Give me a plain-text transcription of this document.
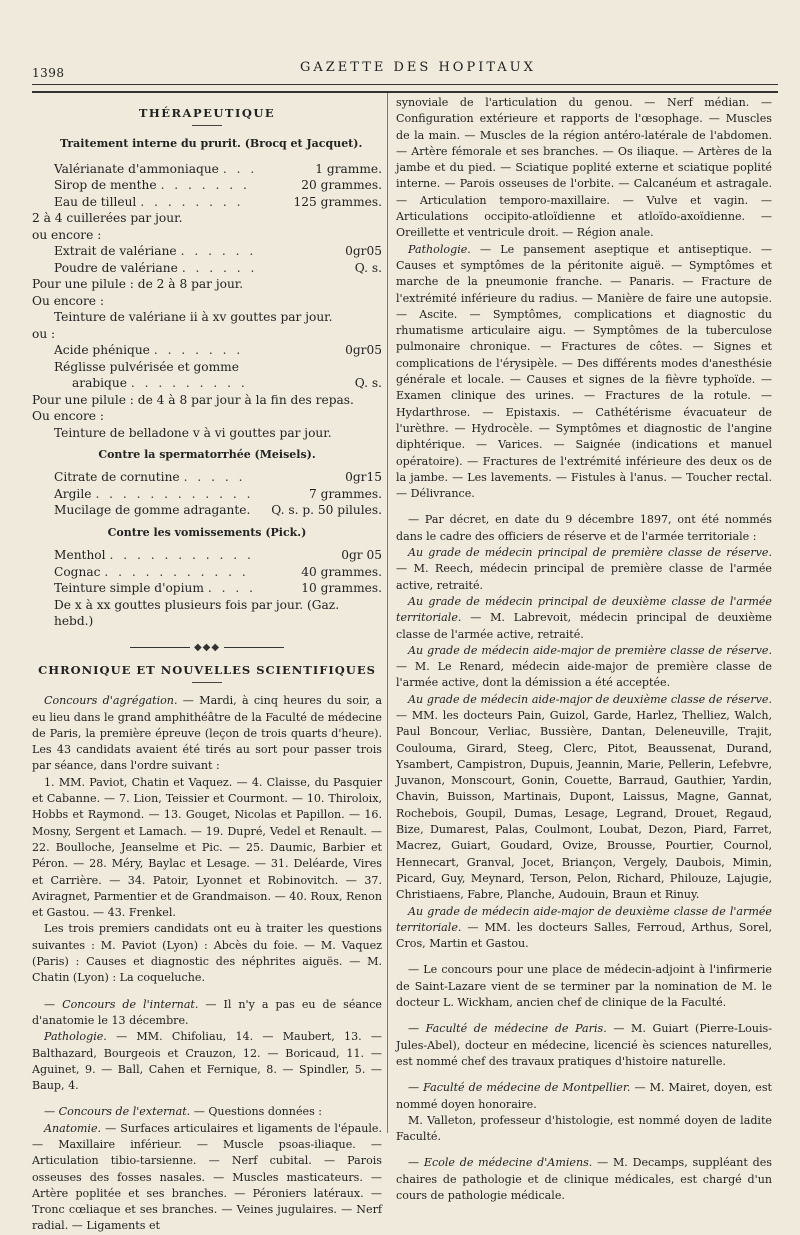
1398	GAZETTE DES HOPITAUX
THÉRAPEUTIQUE
Traitement interne du prurit. (Brocq et Jacquet).
Valérianate d'ammoniaque . . .	1 gramme.
Sirop de menthe . . . . . . .	20 grammes.
Eau de tilleul . . . . . . . .	125 grammes.
2 à 4 cuillerées par jour.
ou encore :
Extrait de valériane . . . . . .	0gr05
Poudre de valériane . . . . . .	Q. s.
Pour une pilule : de 2 à 8 par jour.
Ou encore :
Teinture de valériane ii à xv gouttes par jour.
ou :
Acide phénique . . . . . . .	0gr05
Réglisse pulvérisée et gomme
arabique . . . . . . . . .	Q. s.
Pour une pilule : de 4 à 8 par jour à la fin des repas.
Ou encore :
Teinture de belladone v à vi gouttes par jour.
Contre la spermatorrhée (Meisels).
Citrate de cornutine . . . . .	0gr15
Argile . . . . . . . . . . . .	7 grammes.
Mucilage de gomme adragante. Q. s. p. 50 pilules.
Contre les vomissements (Pick.)
Menthol . . . . . . . . . . .	0gr 05
Cognac . . . . . . . . . . .	40 grammes.
Teinture simple d'opium . . . .	10 grammes.
De x à xx gouttes plusieurs fois par jour. (Gaz. hebd.)
◆◆◆
CHRONIQUE ET NOUVELLES SCIENTIFIQUES

Concours d'agrégation. — Mardi, à cinq heures du soir, a eu lieu dans le grand amphithéâtre de la Faculté de médecine de Paris, la première épreuve (leçon de trois quarts d'heure). Les 43 candidats avaient été tirés au sort pour passer trois par séance, dans l'ordre suivant :

1. MM. Paviot, Chatin et Vaquez. — 4. Claisse, du Pasquier et Cabanne. — 7. Lion, Teissier et Courmont. — 10. Thiroloix, Hobbs et Raymond. — 13. Gouget, Nicolas et Papillon. — 16. Mosny, Sergent et Lamach. — 19. Dupré, Vedel et Renault. — 22. Boulloche, Jeanselme et Pic. — 25. Daumic, Barbier et Péron. — 28. Méry, Baylac et Lesage. — 31. Deléarde, Vires et Carrière. — 34. Patoir, Lyonnet et Robinovitch. — 37. Aviragnet, Parmentier et de Grandmaison. — 40. Roux, Renon et Gastou. — 43. Frenkel.

Les trois premiers candidats ont eu à traiter les questions suivantes : M. Paviot (Lyon) : Abcès du foie. — M. Vaquez (Paris) : Causes et diagnostic des néphrites aiguës. — M. Chatin (Lyon) : La coqueluche.

— Concours de l'internat. — Il n'y a pas eu de séance d'anatomie le 13 décembre.

Pathologie. — MM. Chifoliau, 14. — Maubert, 13. — Balthazard, Bourgeois et Crauzon, 12. — Boricaud, 11. — Aguinet, 9. — Ball, Cahen et Fernique, 8. — Spindler, 5. — Baup, 4.

— Concours de l'externat. — Questions données :

Anatomie. — Surfaces articulaires et ligaments de l'épaule. — Maxillaire inférieur. — Muscle psoas-iliaque. — Articulation tibio-tarsienne. — Nerf cubital. — Parois osseuses des fosses nasales. — Muscles masticateurs. — Artère poplitée et ses branches. — Péroniers latéraux. — Tronc cœliaque et ses branches. — Veines jugulaires. — Nerf radial. — Ligaments et

synoviale de l'articulation du genou. — Nerf médian. — Configuration extérieure et rapports de l'œsophage. — Muscles de la main. — Muscles de la région antéro-latérale de l'abdomen. — Artère fémorale et ses branches. — Os iliaque. — Artères de la jambe et du pied. — Sciatique poplité externe et sciatique poplité interne. — Parois osseuses de l'orbite. — Calcanéum et astragale. — Articulation temporo-maxillaire. — Vulve et vagin. — Articulations occipito-atloïdienne et atloïdo-axoïdienne. — Oreillette et ventricule droit. — Région anale.

Pathologie. — Le pansement aseptique et antiseptique. — Causes et symptômes de la péritonite aiguë. — Symptômes et marche de la pneumonie franche. — Panaris. — Fracture de l'extrémité inférieure du radius. — Manière de faire une autopsie. — Ascite. — Symptômes, complications et diagnostic du rhumatisme articulaire aigu. — Symptômes de la tuberculose pulmonaire chronique. — Fractures de côtes. — Signes et complications de l'érysipèle. — Des différents modes d'anesthésie générale et locale. — Causes et signes de la fièvre typhoïde. — Examen clinique des urines. — Fractures de la rotule. — Hydarthrose. — Epistaxis. — Cathétérisme évacuateur de l'urèthre. — Hydrocèle. — Symptômes et diagnostic de l'angine diphtérique. — Varices. — Saignée (indications et manuel opératoire). — Fractures de l'extrémité inférieure des deux os de la jambe. — Les lavements. — Fistules à l'anus. — Toucher rectal. — Délivrance.

— Par décret, en date du 9 décembre 1897, ont été nommés dans le cadre des officiers de réserve et de l'armée territoriale :

Au grade de médecin principal de première classe de réserve. — M. Reech, médecin principal de première classe de l'armée active, retraité.

Au grade de médecin principal de deuxième classe de l'armée territoriale. — M. Labrevoit, médecin principal de deuxième classe de l'armée active, retraité.

Au grade de médecin aide-major de première classe de réserve. — M. Le Renard, médecin aide-major de première classe de l'armée active, dont la démission a été acceptée.

Au grade de médecin aide-major de deuxième classe de réserve. — MM. les docteurs Pain, Guizol, Garde, Harlez, Thelliez, Walch, Paul Boncour, Verliac, Bussière, Dantan, Deleneuville, Trajit, Coulouma, Girard, Steeg, Clerc, Pitot, Beaussenat, Durand, Ysambert, Campistron, Dupuis, Jeannin, Marie, Pellerin, Lefebvre, Juvanon, Monscourt, Gonin, Couette, Barraud, Gauthier, Yardin, Chavin, Buisson, Martinais, Dupont, Laissus, Magne, Gannat, Rochebois, Goupil, Dumas, Lesage, Legrand, Drouet, Regaud, Bize, Dumarest, Palas, Coulmont, Loubat, Dezon, Piard, Farret, Macrez, Guiart, Goudard, Ovize, Brousse, Pourtier, Cournol, Hennecart, Granval, Jocet, Briançon, Vergely, Daubois, Mimin, Picard, Guy, Meynard, Terson, Pelon, Richard, Philouze, Lajugie, Christiaens, Fabre, Planche, Audouin, Braun et Rinuy.

Au grade de médecin aide-major de deuxième classe de l'armée territoriale. — MM. les docteurs Salles, Ferroud, Arthus, Sorel, Cros, Martin et Gastou.

— Le concours pour une place de médecin-adjoint à l'infirmerie de Saint-Lazare vient de se terminer par la nomination de M. le docteur L. Wickham, ancien chef de clinique de la Faculté.

— Faculté de médecine de Paris. — M. Guiart (Pierre-Louis-Jules-Abel), docteur en médecine, licencié ès sciences naturelles, est nommé chef des travaux pratiques d'histoire naturelle.

— Faculté de médecine de Montpellier. — M. Mairet, doyen, est nommé doyen honoraire.

M. Valleton, professeur d'histologie, est nommé doyen de ladite Faculté.

— Ecole de médecine d'Amiens. — M. Decamps, suppléant des chaires de pathologie et de clinique médicales, est chargé d'un cours de pathologie médicale.
